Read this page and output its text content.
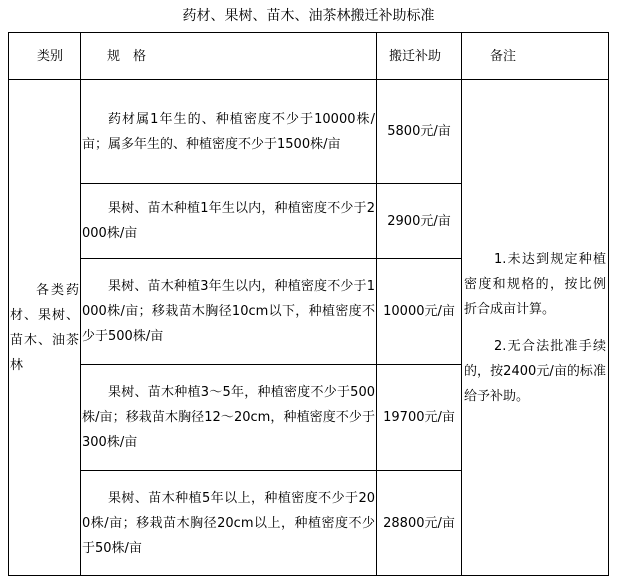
药材、果树、苗木、油茶林搬迁补助标准
类别	规　格	搬迁补助	备注

各类药材、果树、苗木、油茶林	药材属1年生的、种植密度不少于10000株/亩；属多年生的、种植密度不少于1500株/亩	5800元/亩	1.未达到规定种植密度和规格的，按比例折合成亩计算。

2.无合法批准手续的，按2400元/亩的标准给予补助。

	果树、苗木种植1年生以内，种植密度不少于2000株/亩	2900元/亩	

	果树、苗木种植3年生以内，种植密度不少于1000株/亩；移栽苗木胸径10cm以下，种植密度不少于500株/亩	10000元/亩	

	果树、苗木种植3～5年，种植密度不少于500株/亩；移栽苗木胸径12～20cm，种植密度不少于300株/亩	19700元/亩	

	果树、苗木种植5年以上，种植密度不少于200株/亩；移栽苗木胸径20cm以上，种植密度不少于50株/亩	28800元/亩	
